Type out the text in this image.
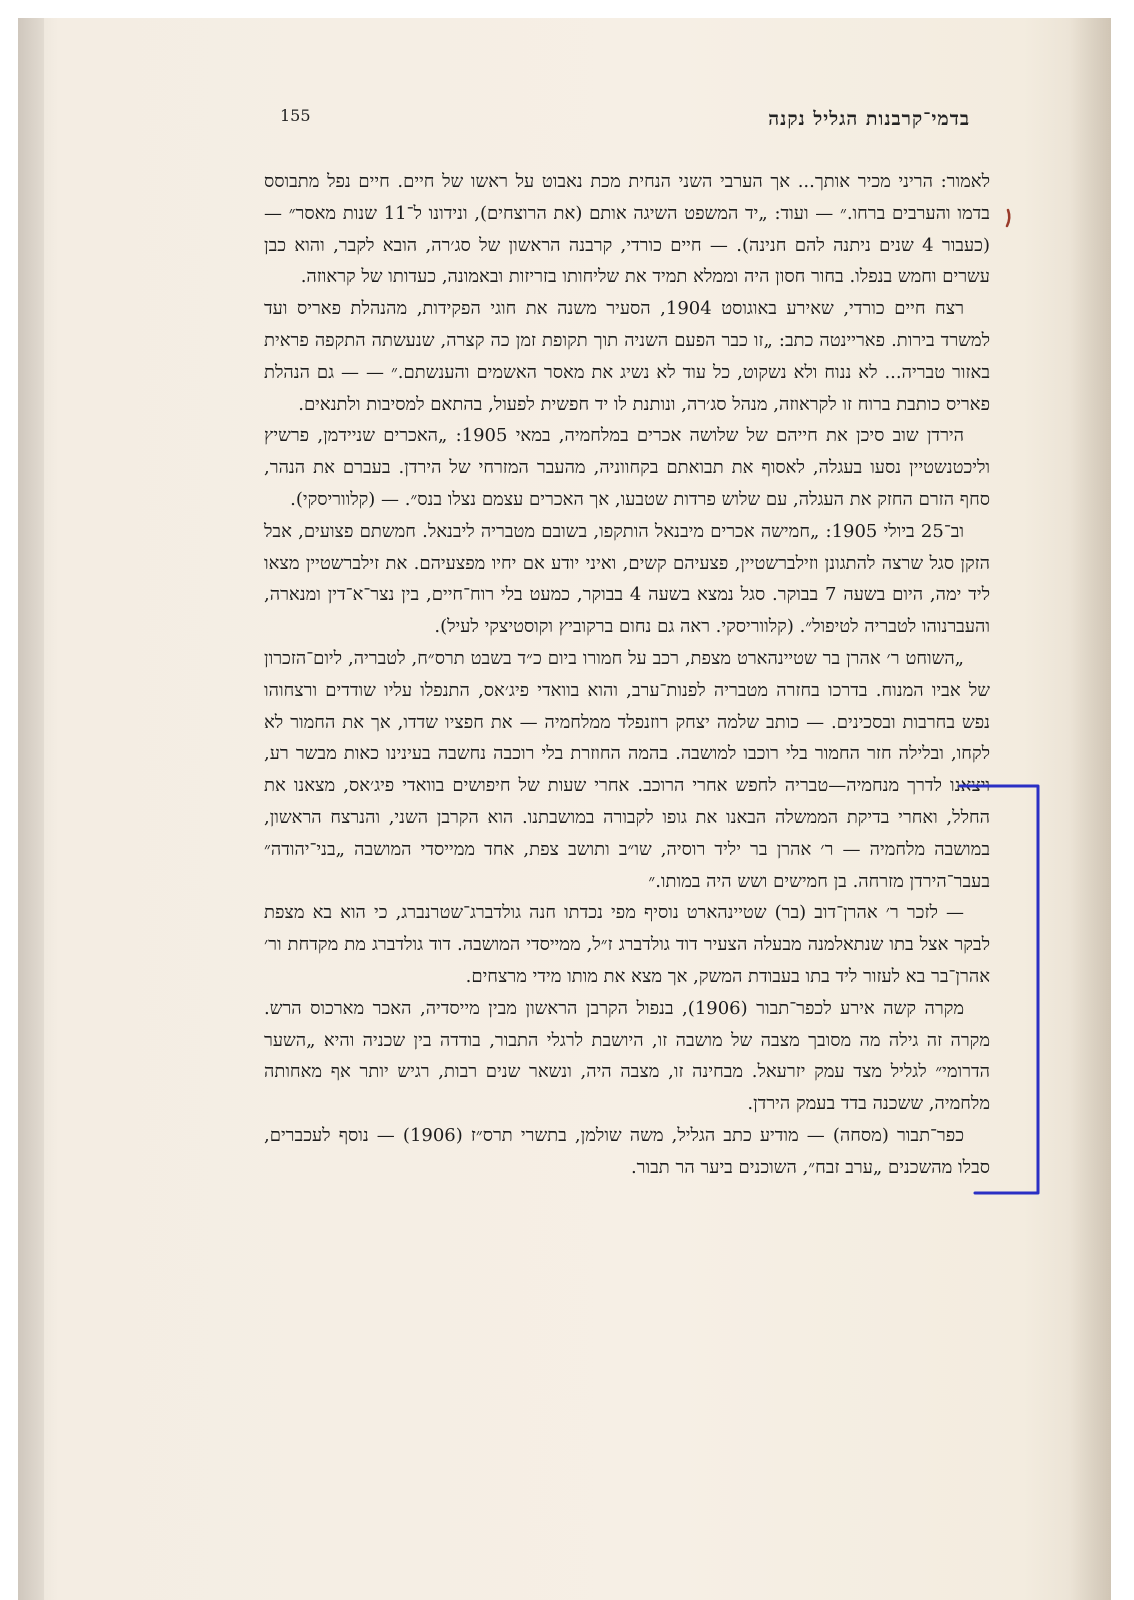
155	בדמי־קרבנות הגליל נקנה

לאמור: הריני מכיר אותך... אך הערבי השני הנחית מכת נאבוט על ראשו של חיים. חיים נפל מתבוסס בדמו והערבים ברחו.״ — ועוד: „יד המשפט השיגה אותם (את הרוצחים), ונידונו ל־11 שנות מאסר״ — (כעבור 4 שנים ניתנה להם חנינה). — חיים כורדי, קרבנה הראשון של סג׳רה, הובא לקבר, והוא כבן עשרים וחמש בנפלו. בחור חסון היה וממלא תמיד את שליחותו בזריזות ובאמונה, כעדותו של קראוזה.

רצח חיים כורדי, שאירע באוגוסט 1904, הסעיר משנה את חוגי הפקידות, מהנהלת פאריס ועד למשרד בירות. פאריינטה כתב: „זו כבר הפעם השניה תוך תקופת זמן כה קצרה, שנעשתה התקפה פראית באזור טבריה... לא ננוח ולא נשקוט, כל עוד לא נשיג את מאסר האשמים והענשתם.״ — — גם הנהלת פאריס כותבת ברוח זו לקראוזה, מנהל סג׳רה, ונותנת לו יד חפשית לפעול, בהתאם למסיבות ולתנאים.

הירדן שוב סיכן את חייהם של שלושה אכרים במלחמיה, במאי 1905: „האכרים שניידמן, פרשיץ וליכטנשטיין נסעו בעגלה, לאסוף את תבואתם בקחווניה, מהעבר המזרחי של הירדן. בעברם את הנהר, סחף הזרם החזק את העגלה, עם שלוש פרדות שטבעו, אך האכרים עצמם נצלו בנס״. — (קלווריסקי).

וב־25 ביולי 1905: „חמישה אכרים מיבנאל הותקפו, בשובם מטבריה ליבנאל. חמשתם פצועים, אבל הזקן סגל שרצה להתגונן וזילברשטיין, פצעיהם קשים, ואיני יודע אם יחיו מפצעיהם. את זילברשטיין מצאו ליד ימה, היום בשעה 7 בבוקר. סגל נמצא בשעה 4 בבוקר, כמעט בלי רוח־חיים, בין נצר־א־דין ומנארה, והעברנוהו לטבריה לטיפול״. (קלווריסקי. ראה גם נחום ברקוביץ וקוסטיצקי לעיל).

„השוחט ר׳ אהרן בר שטיינהארט מצפת, רכב על חמורו ביום כ״ד בשבט תרס״ח, לטבריה, ליום־הזכרון של אביו המנוח. בדרכו בחזרה מטבריה לפנות־ערב, והוא בוואדי פיג׳אס, התנפלו עליו שודדים ורצחוהו נפש בחרבות ובסכינים. — כותב שלמה יצחק רוזנפלד ממלחמיה — את חפציו שדדו, אך את החמור לא לקחו, ובלילה חזר החמור בלי רוכבו למושבה. בהמה החוזרת בלי רוכבה נחשבה בעינינו כאות מבשר רע, ויצאנו לדרך מנחמיה—טבריה לחפש אחרי הרוכב. אחרי שעות של חיפושים בוואדי פיג׳אס, מצאנו את החלל, ואחרי בדיקת הממשלה הבאנו את גופו לקבורה במושבתנו. הוא הקרבן השני, והנרצח הראשון, במושבה מלחמיה — ר׳ אהרן בר יליד רוסיה, שו״ב ותושב צפת, אחד ממייסדי המושבה „בני־יהודה״ בעבר־הירדן מזרחה. בן חמישים ושש היה במותו.״

— לזכר ר׳ אהרן־דוב (בר) שטיינהארט נוסיף מפי נכדתו חנה גולדברג־שטרנברג, כי הוא בא מצפת לבקר אצל בתו שנתאלמנה מבעלה הצעיר דוד גולדברג ז״ל, ממייסדי המושבה. דוד גולדברג מת מקדחת ור׳ אהרן־בר בא לעזור ליד בתו בעבודת המשק, אך מצא את מותו מידי מרצחים.

מקרה קשה אירע לכפר־תבור (1906), בנפול הקרבן הראשון מבין מייסדיה, האכר מארכוס הרש. מקרה זה גילה מה מסובך מצבה של מושבה זו, היושבת לרגלי התבור, בודדה בין שכניה והיא „השער הדרומי״ לגליל מצד עמק יזרעאל. מבחינה זו, מצבה היה, ונשאר שנים רבות, רגיש יותר אף מאחותה מלחמיה, ששכנה בדד בעמק הירדן.

כפר־תבור (מסחה) — מודיע כתב הגליל, משה שולמן, בתשרי תרס״ז (1906) — נוסף לעכברים, סבלו מהשכנים „ערב זבח״, השוכנים ביער הר תבור.
